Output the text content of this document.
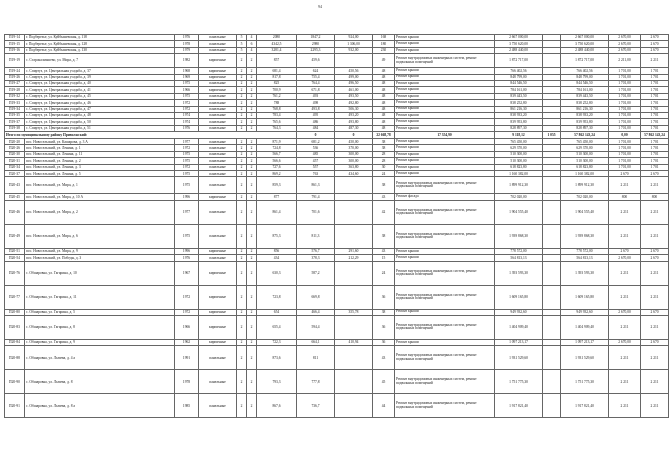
94
П19-14	г. Подберезье, ул. Куйбышевская, д. 118	1976	панельные	5	4	2080	1847,2	924,00	168	Ремонт крыши	2 667 000,00		2 667 000,00	2 670,00	2 670
П19-15	г. Подберезье, ул. Куйбышевская, д. 128	1978	панельные	5	6	4342,5	2980	1 306,00	180	Ремонт крыши	3 750 620,00		3 750 620,00	2 670,00	2 670
П19-16	г. Подберезье, ул. Куйбышевская, д. 130	1979	панельные	5	4	3281,4	2295,3	932,00	230	Ремонт крыши	2 488 440,00		2 488 440,00	2 670,00	2 670
П19-19	с. Старокалмашево, ул. Мира, д. 7	1982	кирпичные	2	2	857	459,6		49	Ремонт внутридомовых инженерных систем, ремонт подвальных помещений	1 872 717,00		1 872 717,00	2 211,00	2 211
П19-24	с. Спиртуз, ул. Центральная усадьба, д. 37	1968	кирпичные	2	2	681,4	624	450,56	48	Ремонт крыши	766 402,56		766 402,56	1 701,00	1 701
П19-26	с. Спиртуз, ул. Центральная усадьба, д. 39	1969	кирпичные	2	2	817,8	755,4	499,00	48	Ремонт крыши	848 799,00		848 799,00	1 701,00	1 701
П19-27	с. Спиртуз, ул. Центральная усадьба, д. 40	1975	панельные	2	2	825	764,4	496,50	48	Ремонт крыши	844 546,50		844 546,50	1 701,00	1 701
П19-28	с. Спиртуз, ул. Центральная усадьба, д. 41	1966	кирпичные	2	2	700,9	671,8	461,00	48	Ремонт крыши	784 161,00		784 161,00	1 701,00	1 701
П19-32	с. Спиртуз, ул. Центральная усадьба, д. 45	1975	панельные	2	2	761,2	493	493,50	48	Ремонт крыши	839 443,50		839 443,50	1 701,00	1 701
П19-33	с. Спиртуз, ул. Центральная усадьба, д. 46	1972	панельные	2	2	788	498	492,80	48	Ремонт крыши	838 252,80		838 252,80	1 701,00	1 701
П19-34	с. Спиртуз, ул. Центральная усадьба, д. 47	1972	панельные	2	2	768,8	493,8	506,30	48	Ремонт крыши	861 216,30		861 216,30	1 701,00	1 701
П19-35	с. Спиртуз, ул. Центральная усадьба, д. 48	1974	панельные	2	2	783,4	495	493,20	48	Ремонт крыши	838 933,20		838 933,20	1 701,00	1 701
П19-37	с. Спиртуз, ул. Центральная усадьба, д. 50	1974	панельные	2	2	765,6	486	493,80	48	Ремонт крыши	839 953,80		839 953,80	1 701,00	1 701
П19-38	с. Спиртуз, ул. Центральная усадьба, д. 51	1976	панельные	2	2	764,3	484	487,30	48	Ремонт крыши	828 897,30		828 897,30	1 701,00	1 701
Итого по муниципальному району Приволжский:							0	0	22 668,78	17 354,90	9 118,12	1 055	57 862 143,24	0,00	57 862 143,24
П20-20	пос. Новосельский, ул. Кашарова, д. 3 А	1977	панельные	2	2	871,9	681,2	450,00	38	Ремонт крыши	765 450,00		765 450,00	1 701,00	1 701
П20-26	пос. Новосельский, ул. Ленина, д. 1	1972	панельные	2	2	724,8	536	370,00	38	Ремонт крыши	629 370,00		629 370,00	1 701,00	1 701
П20-30	пос. Новосельский, ул. Ленина, д. 11	1975	панельные	2	2	566,7	485	300,00	28	Ремонт крыши	510 300,00		510 300,00	1 701,00	1 701
П20-31	пос. Новосельский, ул. Ленина, д. 2	1975	панельные	2	2	566,6	457	300,00	28	Ремонт крыши	510 300,00		510 300,00	1 701,00	1 701
П20-34	пос. Новосельский, ул. Ленина, д. 3	1972	панельные	2	2	727,6	557	363,80	30	Ремонт крыши	618 823,80		618 823,80	1 701,00	1 701
П20-37	пос. Новосельский, ул. Ленина, д. 5	1975	панельные	2	2	869,2	763	434,60	24	Ремонт крыши	1 160 382,00		1 160 382,00	2 670	2 670
П20-43	пос. Новосельский, ул. Мира, д. 1	1975	панельные	2	2	859,3	861,3		38	Ремонт внутридомовых инженерных систем, ремонт подвальных помещений	1 899 912,30		1 899 912,30	2 211	2 211
П20-45	пос. Новосельский, ул. Мира, д. 10 А	1996	кирпичные	2	2	877	791,4		43	Ремонт фасада	702 020,00		702 020,00	800	800
П20-46	пос. Новосельский, ул. Мира, д. 2	1977	панельные	2	2	861,4	701,6		42	Ремонт внутридомовых инженерных систем, ремонт подвальных помещений	1 904 555,40		1 904 555,40	2 211	2 211
П20-49	пос. Новосельский, ул. Мира, д. 6	1975	панельные	2	2	875,3	811,3		38	Ремонт внутридомовых инженерных систем, ремонт подвальных помещений	1 939 868,30		1 939 868,30	2 211	2 211
П20-51	пос. Новосельский, ул. Мира, д. 9	1996	кирпичные	2	2	856	576,7	291,60	43	Ремонт крыши	778 572,00		778 572,00	2 670	2 670
П20-54	пос. Новосельский, ул. Победы, д. 3	1976	панельные	2	2	434	378,3	212,29	15	Ремонт крыши	564 813,13		564 813,13	2 670,00	2 670
П20-76	с. Обшаровка, ул. Гагарина, д. 10	1967	кирпичные	2	2	630,3	587,2		24	Ремонт внутридомовых инженерных систем, ремонт подвальных помещений	1 393 593,30		1 393 593,30	2 211	2 211
П20-77	с. Обшаровка, ул. Гагарина, д. 11	1972	кирпичные	2	2	723,8	669,8		36	Ремонт внутридомовых инженерных систем, ремонт подвальных помещений	1 609 165,80		1 609 165,80	2 211	2 211
П20-80	с. Обшаровка, ул. Гагарина, д. 5	1972	кирпичные	2	2	654	466,4	355,78	38	Ремонт крыши	949 932,60		949 932,60	2 670,00	2 670
П20-83	с. Обшаровка, ул. Гагарина, д. 8	1966	кирпичные	2	2	655,4	594,4		36	Ремонт внутридомовых инженерных систем, ремонт подвальных помещений	1 404 909,40		1 404 909,40	2 211	2 211
П20-84	с. Обшаровка, ул. Гагарина, д. 9	1962	кирпичные	2	2	722,3	664,1	410,94	36	Ремонт крыши	1 097 213,17		1 097 213,17	2 670,00	2 670
П20-88	с. Обшаровка, ул. Лычева, д. 4 а	1991	панельные	2	2	873,6	811		43	Ремонт внутридомовых инженерных систем, ремонт подвальных помещений	1 931 529,60		1 931 529,60	2 211	2 211
П20-90	с. Обшаровка, ул. Лычева, д. 8	1978	панельные	2	2	793,3	777,8		45	Ремонт внутридомовых инженерных систем, ремонт подвальных помещений	1 751 775,30		1 751 775,30	2 211	2 211
П20-91	с. Обшаровка, ул. Лычева, д. 8 а	1985	панельные	2	2	867,6	736,7		44	Ремонт внутридомовых инженерных систем, ремонт подвальных помещений	1 917 821,40		1 917 821,40	2 211	2 211
